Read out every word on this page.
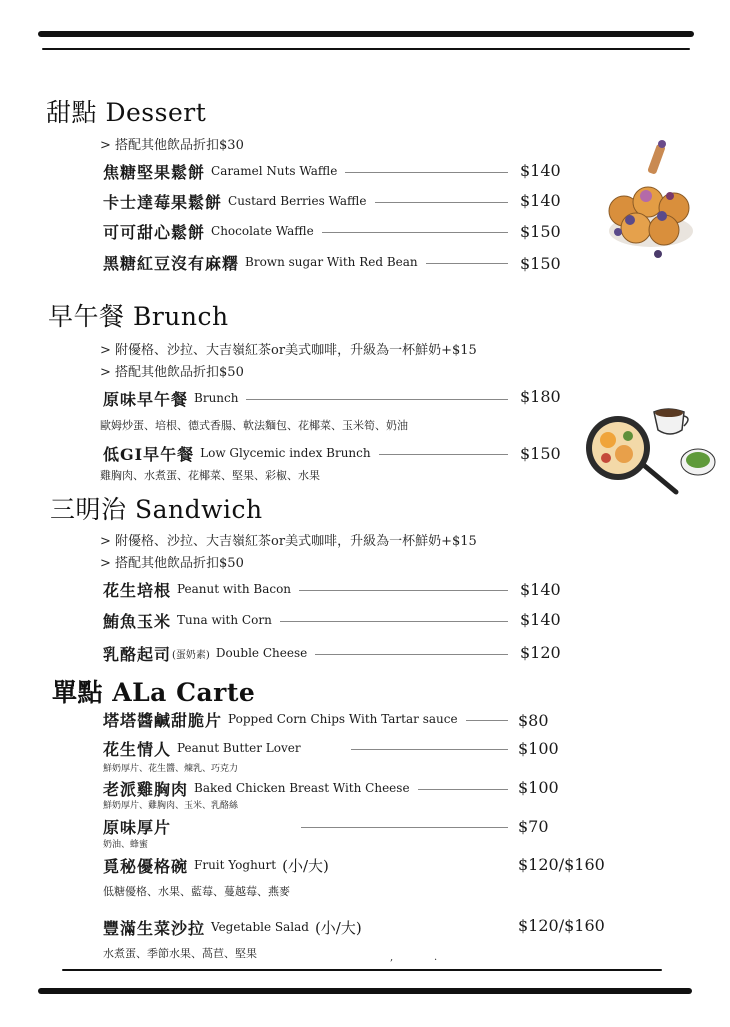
甜點 Dessert
> 搭配其他飲品折扣$30
焦糖堅果鬆餅 Caramel Nuts Waffle	$140
卡士達莓果鬆餅 Custard Berries Waffle	$140
可可甜心鬆餅 Chocolate Waffle	$150
黑糖紅豆沒有麻糬 Brown sugar With Red Bean	$150
早午餐 Brunch
> 附優格、沙拉、大吉嶺紅茶or美式咖啡，升級為一杯鮮奶+$15
> 搭配其他飲品折扣$50
原味早午餐 Brunch	$180
歐姆炒蛋、培根、德式香腸、軟法麵包、花椰菜、玉米筍、奶油
低GI早午餐 Low Glycemic index Brunch	$150
雞胸肉、水煮蛋、花椰菜、堅果、彩椒、水果
三明治 Sandwich
> 附優格、沙拉、大吉嶺紅茶or美式咖啡，升級為一杯鮮奶+$15
> 搭配其他飲品折扣$50
花生培根 Peanut with Bacon	$140
鮪魚玉米 Tuna with Corn	$140
乳酪起司 (蛋奶素) Double Cheese	$120
單點 ALa Carte
塔塔醬鹹甜脆片 Popped Corn Chips With Tartar sauce	$80
花生情人 Peanut Butter Lover	$100
鮮奶厚片、花生醬、煉乳、巧克力
老派雞胸肉 Baked Chicken Breast With Cheese	$100
鮮奶厚片、雞胸肉、玉米、乳酪絲
原味厚片	$70
奶油、蜂蜜
覓秘優格碗 Fruit Yoghurt (小/大)	$120/$160
低糖優格、水果、藍莓、蔓越莓、燕麥
豐滿生菜沙拉 Vegetable Salad (小/大)	$120/$160
水煮蛋、季節水果、萵苣、堅果	,	.
